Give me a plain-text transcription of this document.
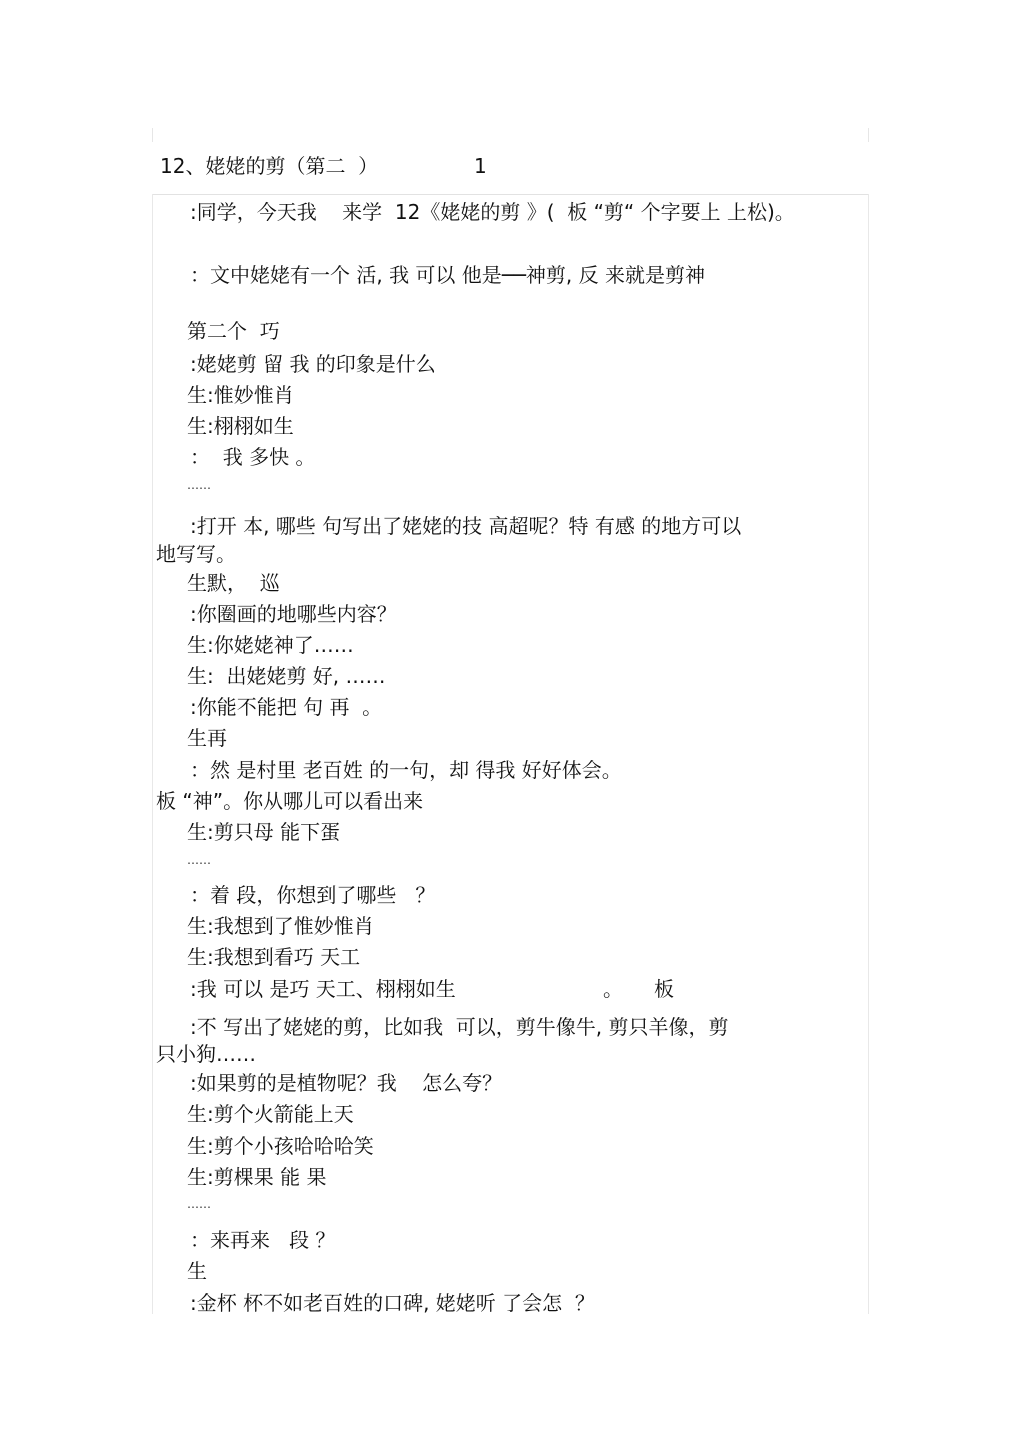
12、姥姥的剪（第二  ）	1
:同学，今天我    来学  12《姥姥的剪 》(  板 “剪“ 个字要上 上松)。
：文中姥姥有一个 活, 我 可以 他是──神剪, 反 来就是剪神
第二个  巧
:姥姥剪 留 我 的印象是什么
生:惟妙惟肖
生:栩栩如生
：  我 多快 。
……
:打开 本, 哪些 句写出了姥姥的技 高超呢？特 有感 的地方可以
地写写。
生默，  巡
:你圈画的地哪些内容？
生:你姥姥神了……
生:  出姥姥剪 好, ……
:你能不能把 句 再  。
生再
：然 是村里 老百姓 的一句，却 得我 好好体会。
板 “神”。你从哪儿可以看出来
生:剪只母 能下蛋
……
：着 段，你想到了哪些   ？
生:我想到了惟妙惟肖
生:我想到看巧 天工
:我 可以 是巧 天工、栩栩如生	。 板
:不 写出了姥姥的剪，比如我  可以，剪牛像牛, 剪只羊像，剪
只小狗……
:如果剪的是植物呢？我    怎么夸？
生:剪个火箭能上天
生:剪个小孩哈哈哈笑
生:剪棵果 能 果
……
：来再来   段 ？
生
:金杯 杯不如老百姓的口碑, 姥姥听 了会怎  ？
